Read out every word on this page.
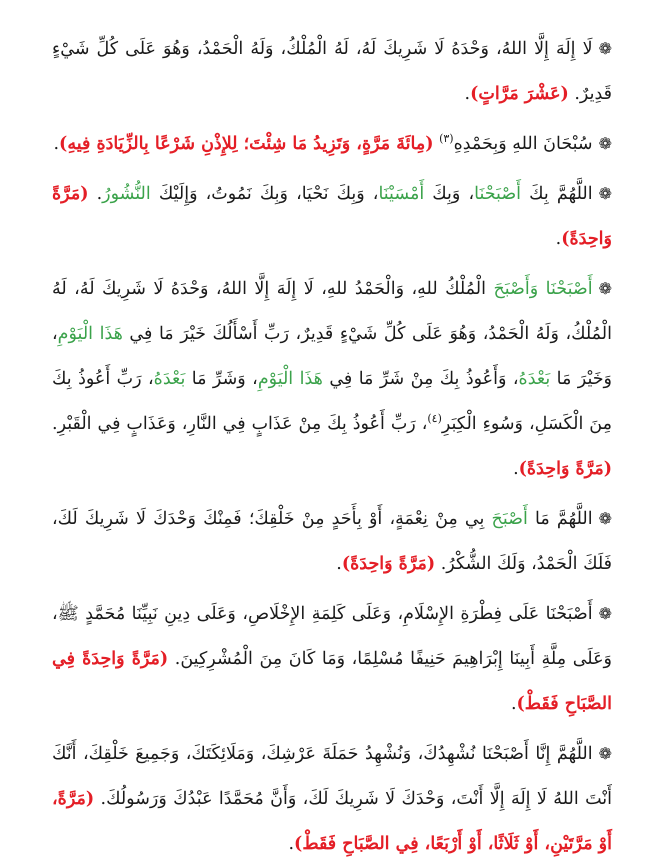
❁لَا إِلَهَ إِلَّا اللهُ، وَحْدَهُ لَا شَرِيكَ لَهُ، لَهُ الْمُلْكُ، وَلَهُ الْحَمْدُ، وَهُوَ عَلَى كُلِّ شَيْءٍ قَدِيرٌ. (عَشْرَ مَرَّاتٍ).

❁سُبْحَانَ اللهِ وَبِحَمْدِهِ$^{(٣)}$ (مِائَةَ مَرَّةٍ، وَتَزِيدُ مَا شِئْتَ؛ لِلإِذْنِ شَرْعًا بِالزِّيَادَةِ فِيهِ).

❁اللَّهُمَّ بِكَ أَصْبَحْنَا، وَبِكَ أَمْسَيْنَا، وَبِكَ نَحْيَا، وَبِكَ نَمُوتُ، وَإِلَيْكَ النُّشُورُ. (مَرَّةً وَاحِدَةً).

❁أَصْبَحْنَا وَأَصْبَحَ الْمُلْكُ للهِ، وَالْحَمْدُ للهِ، لَا إِلَهَ إِلَّا اللهُ، وَحْدَهُ لَا شَرِيكَ لَهُ، لَهُ الْمُلْكُ، وَلَهُ الْحَمْدُ، وَهُوَ عَلَى كُلِّ شَيْءٍ قَدِيرٌ، رَبِّ أَسْأَلُكَ خَيْرَ مَا فِي هَذَا الْيَوْمِ، وَخَيْرَ مَا بَعْدَهُ، وَأَعُوذُ بِكَ مِنْ شَرِّ مَا فِي هَذَا الْيَوْمِ، وَشَرِّ مَا بَعْدَهُ، رَبِّ أَعُوذُ بِكَ مِنَ الْكَسَلِ، وَسُوءِ الْكِبَرِ$^{(٤)}$، رَبِّ أَعُوذُ بِكَ مِنْ عَذَابٍ فِي النَّارِ، وَعَذَابٍ فِي الْقَبْرِ. (مَرَّةً وَاحِدَةً).

❁اللَّهُمَّ مَا أَصْبَحَ بِي مِنْ نِعْمَةٍ، أَوْ بِأَحَدٍ مِنْ خَلْقِكَ؛ فَمِنْكَ وَحْدَكَ لَا شَرِيكَ لَكَ، فَلَكَ الْحَمْدُ، وَلَكَ الشُّكْرُ. (مَرَّةً وَاحِدَةً).

❁أَصْبَحْنَا عَلَى فِطْرَةِ الإِسْلَامِ، وَعَلَى كَلِمَةِ الإِخْلَاصِ، وَعَلَى دِينِ نَبِيِّنَا مُحَمَّدٍ ﷺ، وَعَلَى مِلَّةِ أَبِينَا إِبْرَاهِيمَ حَنِيفًا مُسْلِمًا، وَمَا كَانَ مِنَ الْمُشْرِكِينَ. (مَرَّةً وَاحِدَةً فِي الصَّبَاحِ فَقَطْ).

❁اللَّهُمَّ إِنَّا أَصْبَحْنَا نُشْهِدُكَ، وَنُشْهِدُ حَمَلَةَ عَرْشِكَ، وَمَلَائِكَتَكَ، وَجَمِيعَ خَلْقِكَ، أَنَّكَ أَنْتَ اللهُ لَا إِلَهَ إِلَّا أَنْتَ، وَحْدَكَ لَا شَرِيكَ لَكَ، وَأَنَّ مُحَمَّدًا عَبْدُكَ وَرَسُولُكَ. (مَرَّةً، أَوْ مَرَّتَيْنِ، أَوْ ثَلَاثًا، أَوْ أَرْبَعًا، فِي الصَّبَاحِ فَقَطْ).
